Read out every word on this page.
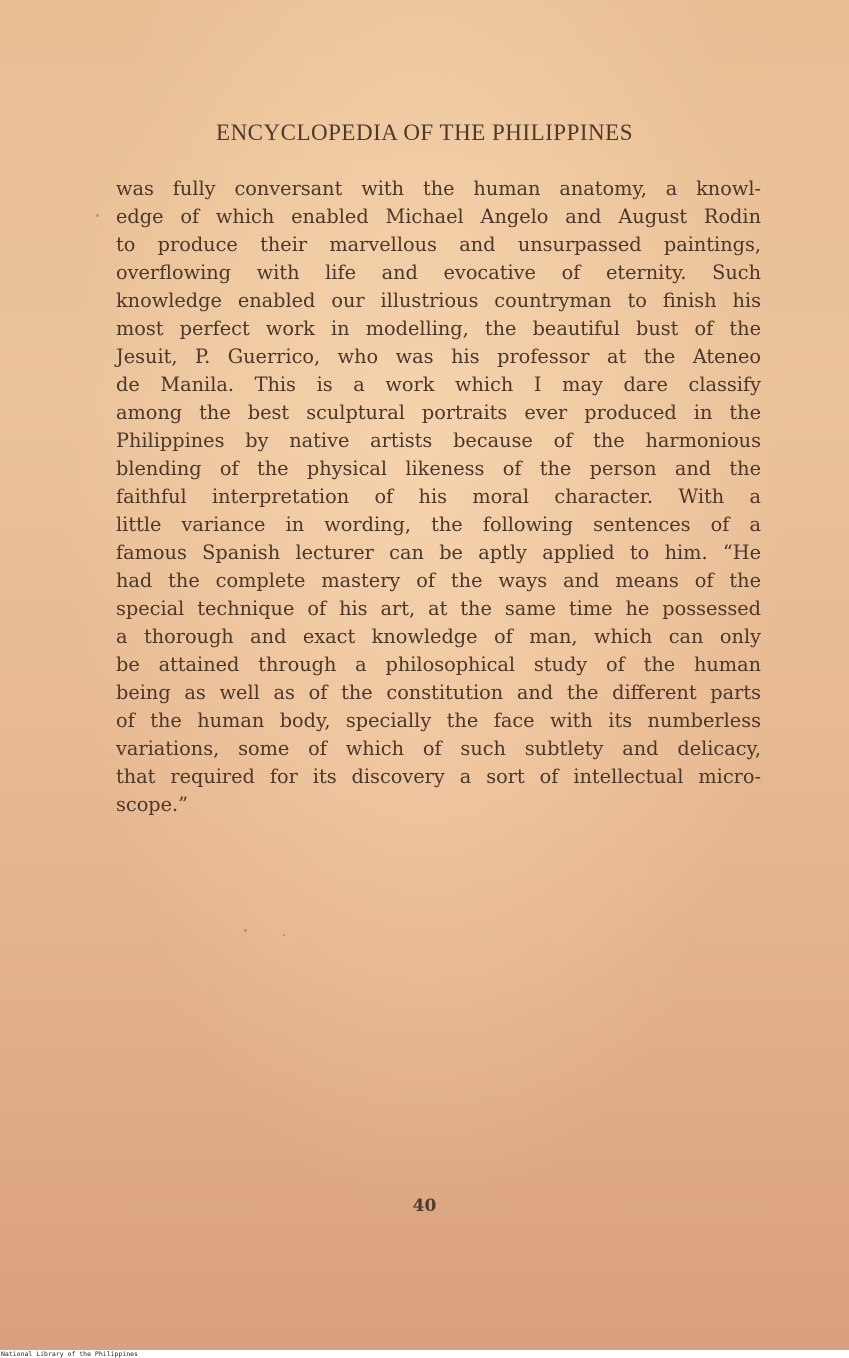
ENCYCLOPEDIA OF THE PHILIPPINES
was fully conversant with the human anatomy, a knowl-
edge of which enabled Michael Angelo and August Rodin
to produce their marvellous and unsurpassed paintings,
overflowing with life and evocative of eternity. Such
knowledge enabled our illustrious countryman to finish his
most perfect work in modelling, the beautiful bust of the
Jesuit, P. Guerrico, who was his professor at the Ateneo
de Manila. This is a work which I may dare classify
among the best sculptural portraits ever produced in the
Philippines by native artists because of the harmonious
blending of the physical likeness of the person and the
faithful interpretation of his moral character. With a
little variance in wording, the following sentences of a
famous Spanish lecturer can be aptly applied to him. “He
had the complete mastery of the ways and means of the
special technique of his art, at the same time he possessed
a thorough and exact knowledge of man, which can only
be attained through a philosophical study of the human
being as well as of the constitution and the different parts
of the human body, specially the face with its numberless
variations, some of which of such subtlety and delicacy,
that required for its discovery a sort of intellectual micro-
scope.”
40
National Library of the Philippines
